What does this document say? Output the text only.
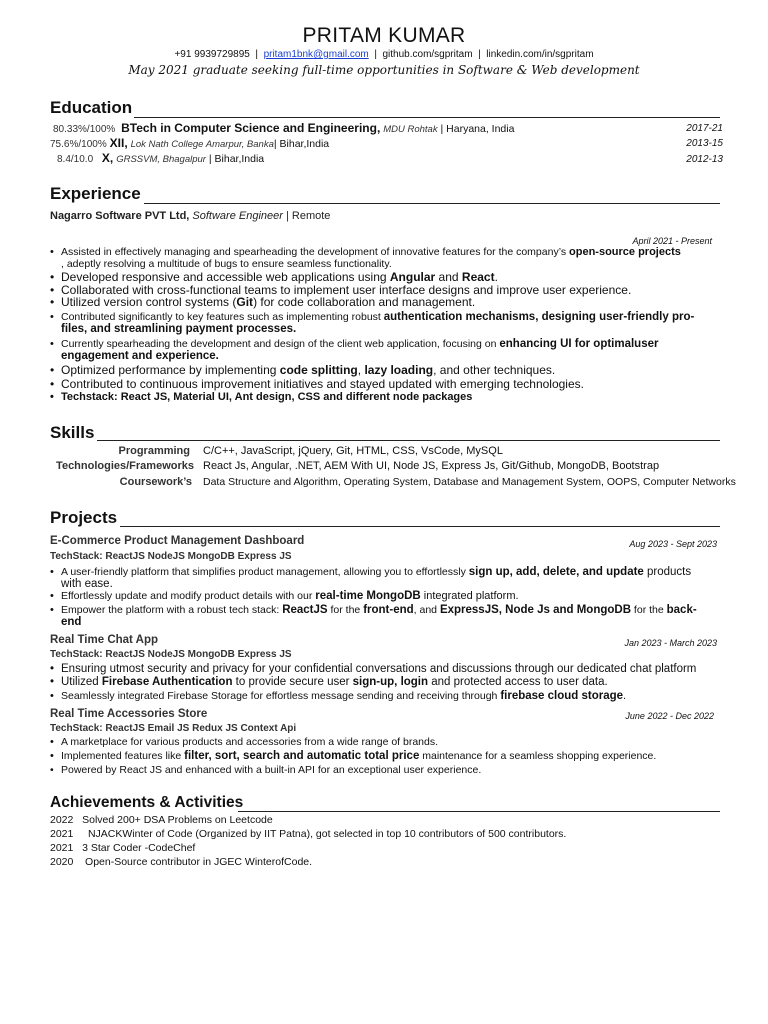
PRITAM KUMAR
+91 9939729895 | pritam1bnk@gmail.com | github.com/sgpritam | linkedin.com/in/sgpritam
May 2021 graduate seeking full-time opportunities in Software & Web development
Education
80.33%/100% BTech in Computer Science and Engineering, MDU Rohtak | Haryana, India	2017-21
75.6%/100% XII, Lok Nath College Amarpur, Banka| Bihar,India	2013-15
8.4/10.0 X, GRSSVM, Bhagalpur | Bihar,India	2012-13
Experience
Nagarro Software PVT Ltd, Software Engineer | Remote
April 2021 - Present
• Assisted in effectively managing and spearheading the development of innovative features for the company’s open-source projects
, adeptly resolving a multitude of bugs to ensure seamless functionality.
• Developed responsive and accessible web applications using Angular and React.
• Collaborated with cross-functional teams to implement user interface designs and improve user experience.
• Utilized version control systems (Git) for code collaboration and management.
• Contributed significantly to key features such as implementing robust authentication mechanisms, designing user-friendly pro-
files, and streamlining payment processes.
• Currently spearheading the development and design of the client web application, focusing on enhancing UI for optimaluser
engagement and experience.
• Optimized performance by implementing code splitting, lazy loading, and other techniques.
• Contributed to continuous improvement initiatives and stayed updated with emerging technologies.
• Techstack: React JS, Material UI, Ant design, CSS and different node packages
Skills
Programming C/C++, JavaScript, jQuery, Git, HTML, CSS, VsCode, MySQL
Technologies/Frameworks React Js, Angular, .NET, AEM With UI, Node JS, Express Js, Git/Github, MongoDB, Bootstrap
Coursework’s Data Structure and Algorithm, Operating System, Database and Management System, OOPS, Computer Networks
Projects
E-Commerce Product Management Dashboard	Aug 2023 - Sept 2023
TechStack: ReactJS NodeJS MongoDB Express JS
• A user-friendly platform that simplifies product management, allowing you to effortlessly sign up, add, delete, and update products
with ease.
• Effortlessly update and modify product details with our real-time MongoDB integrated platform.
• Empower the platform with a robust tech stack: ReactJS for the front-end, and ExpressJS, Node Js and MongoDB for the back-
end
Real Time Chat App	Jan 2023 - March 2023
TechStack: ReactJS NodeJS MongoDB Express JS
• Ensuring utmost security and privacy for your confidential conversations and discussions through our dedicated chat platform
• Utilized Firebase Authentication to provide secure user sign-up, login and protected access to user data.
• Seamlessly integrated Firebase Storage for effortless message sending and receiving through firebase cloud storage.
Real Time Accessories Store	June 2022 - Dec 2022
TechStack: ReactJS Email JS Redux JS Context Api
• A marketplace for various products and accessories from a wide range of brands.
• Implemented features like filter, sort, search and automatic total price maintenance for a seamless shopping experience.
• Powered by React JS and enhanced with a built-in API for an exceptional user experience.
Achievements & Activities
2022 Solved 200+ DSA Problems on Leetcode
2021 NJACKWinter of Code (Organized by IIT Patna), got selected in top 10 contributors of 500 contributors.
2021 3 Star Coder -CodeChef
2020 Open-Source contributor in JGEC WinterofCode.
